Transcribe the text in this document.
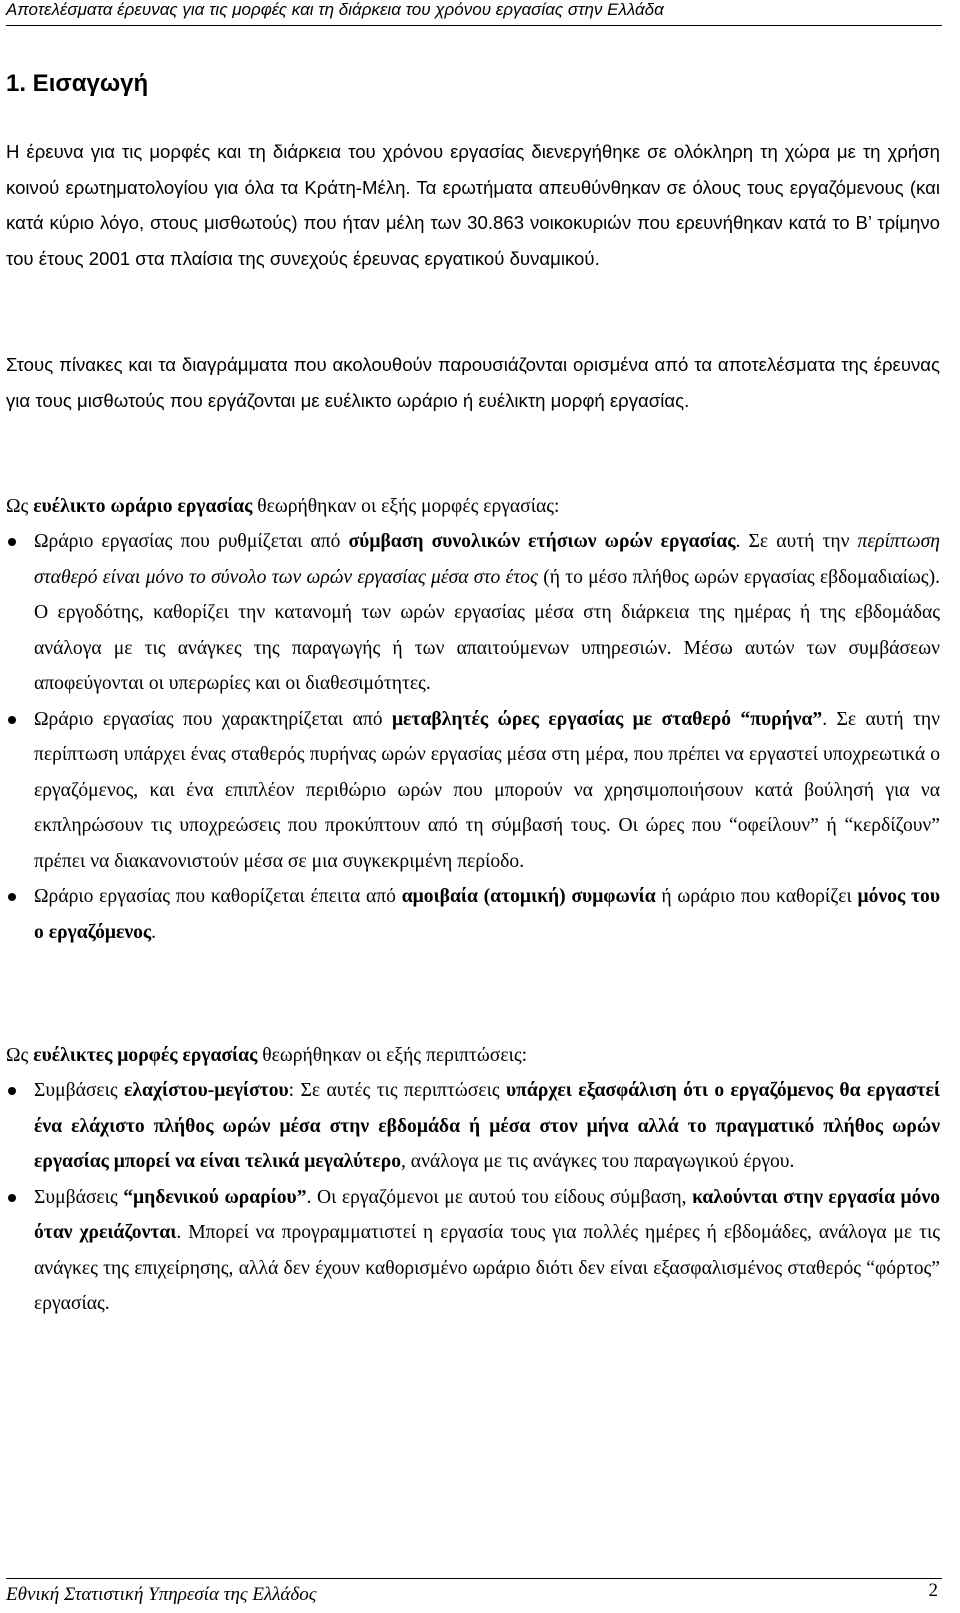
Αποτελέσματα έρευνας για τις μορφές και τη διάρκεια του χρόνου εργασίας στην Ελλάδα
1. Εισαγωγή

Η έρευνα για τις μορφές και τη διάρκεια του χρόνου εργασίας διενεργήθηκε σε ολόκληρη τη χώρα με τη χρήση κοινού ερωτηματολογίου για όλα τα Κράτη-Μέλη. Τα ερωτήματα απευθύνθηκαν σε όλους τους εργαζόμενους (και κατά κύριο λόγο, στους μισθωτούς) που ήταν μέλη των 30.863 νοικοκυριών που ερευνήθηκαν κατά το Β’ τρίμηνο του έτους 2001 στα πλαίσια της συνεχούς έρευνας εργατικού δυναμικού.

Στους πίνακες και τα διαγράμματα που ακολουθούν παρουσιάζονται ορισμένα από τα αποτελέσματα της έρευνας για τους μισθωτούς που εργάζονται με ευέλικτο ωράριο ή ευέλικτη μορφή εργασίας.

Ως ευέλικτο ωράριο εργασίας θεωρήθηκαν οι εξής μορφές εργασίας:

Ωράριο εργασίας που ρυθμίζεται από σύμβαση συνολικών ετήσιων ωρών εργασίας. Σε αυτή την περίπτωση σταθερό είναι μόνο το σύνολο των ωρών εργασίας μέσα στο έτος (ή το μέσο πλήθος ωρών εργασίας εβδομαδιαίως). Ο εργοδότης, καθορίζει την κατανομή των ωρών εργασίας μέσα στη διάρκεια της ημέρας ή της εβδομάδας ανάλογα με τις ανάγκες της παραγωγής ή των απαιτούμενων υπηρεσιών. Μέσω αυτών των συμβάσεων αποφεύγονται οι υπερωρίες και οι διαθεσιμότητες.
Ωράριο εργασίας που χαρακτηρίζεται από μεταβλητές ώρες εργασίας με σταθερό “πυρήνα”. Σε αυτή την περίπτωση υπάρχει ένας σταθερός πυρήνας ωρών εργασίας μέσα στη μέρα, που πρέπει να εργαστεί υποχρεωτικά ο εργαζόμενος, και ένα επιπλέον περιθώριο ωρών που μπορούν να χρησιμοποιήσουν κατά βούλησή για να εκπληρώσουν τις υποχρεώσεις που προκύπτουν από τη σύμβασή τους. Οι ώρες που “οφείλουν” ή “κερδίζουν” πρέπει να διακανονιστούν μέσα σε μια συγκεκριμένη περίοδο.
Ωράριο εργασίας που καθορίζεται έπειτα από αμοιβαία (ατομική) συμφωνία ή ωράριο που καθορίζει μόνος του ο εργαζόμενος.

Ως ευέλικτες μορφές εργασίας θεωρήθηκαν οι εξής περιπτώσεις:

Συμβάσεις ελαχίστου-μεγίστου: Σε αυτές τις περιπτώσεις υπάρχει εξασφάλιση ότι ο εργαζόμενος θα εργαστεί ένα ελάχιστο πλήθος ωρών μέσα στην εβδομάδα ή μέσα στον μήνα αλλά το πραγματικό πλήθος ωρών εργασίας μπορεί να είναι τελικά μεγαλύτερο, ανάλογα με τις ανάγκες του παραγωγικού έργου.
Συμβάσεις “μηδενικού ωραρίου”. Οι εργαζόμενοι με αυτού του είδους σύμβαση, καλούνται στην εργασία μόνο όταν χρειάζονται. Μπορεί να προγραμματιστεί η εργασία τους για πολλές ημέρες ή εβδομάδες, ανάλογα με τις ανάγκες της επιχείρησης, αλλά δεν έχουν καθορισμένο ωράριο διότι δεν είναι εξασφαλισμένος σταθερός “φόρτος” εργασίας.
Εθνική Στατιστική Υπηρεσία της Ελλάδος	2
